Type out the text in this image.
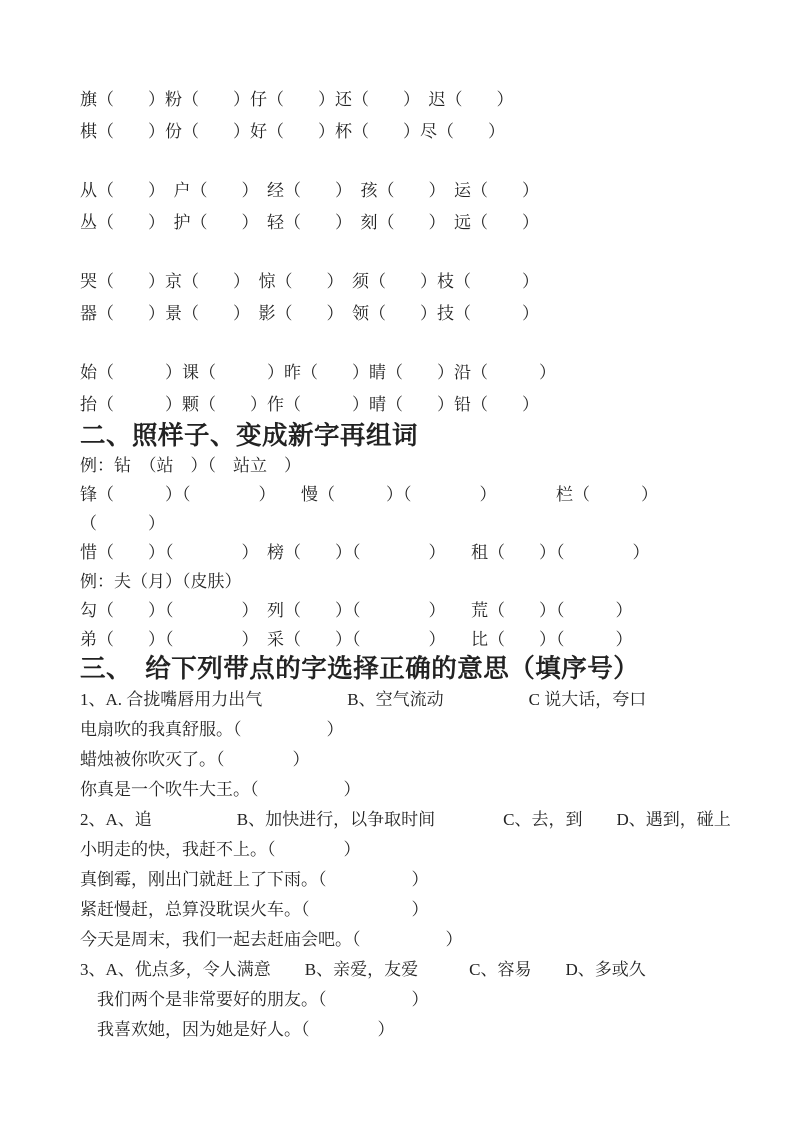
旗（　　）粉（　　）仔（　　）还（　　）　迟（　　）
棋（　　）份（　　）好（　　）杯（　　）尽（　　）
从（　　）　户（　　）　经（　　）　孩（　　）　运（　　）
丛（　　）　护（　　）　轻（　　）　刻（　　）　远（　　）
哭（　　）京（　　）　惊（　　）　须（　　）枝（　　　）
器（　　）景（　　）　影（　　）　领（　　）技（　　　）
始（　　　）课（　　　）昨（　　）睛（　　）沿（　　　）
抬（　　　）颗（　　）作（　　　）晴（　　）铅（　　）
二、照样子、变成新字再组词
例：钻　（站　）（　站立　）
锋（　　　）（　　　　）　　慢（　　　）（　　　　）　　　　栏（　　　）
（　　　）
惜（　　）（　　　　）　榜（　　）（　　　　）　　租（　　）（　　　　）
例：夫（月）（皮肤）
勾（　　）（　　　　）　列（　　）（　　　　）　　荒（　　）（　　　）
弟（　　）（　　　　）　采（　　）（　　　　）　　比（　　）（　　　）
三、　给下列带点的字选择正确的意思（填序号）
1、A. 合拢嘴唇用力出气　　　　　B、空气流动　　　　　C 说大话，夸口
电扇吹的我真舒服。（　　　　　）
蜡烛被你吹灭了。（　　　　）
你真是一个吹牛大王。（　　　　　）
2、A、追　　　　　B、加快进行，以争取时间　　　　C、去，到　　D、遇到，碰上
小明走的快，我赶不上。（　　　　）
真倒霉，刚出门就赶上了下雨。（　　　　　）
紧赶慢赶，总算没耽误火车。（　　　　　　）
今天是周末，我们一起去赶庙会吧。（　　　　　）
3、A、优点多，令人满意　　B、亲爱，友爱　　　C、容易　　D、多或久
　我们两个是非常要好的朋友。（　　　　　）
　我喜欢她，因为她是好人。（　　　　）
